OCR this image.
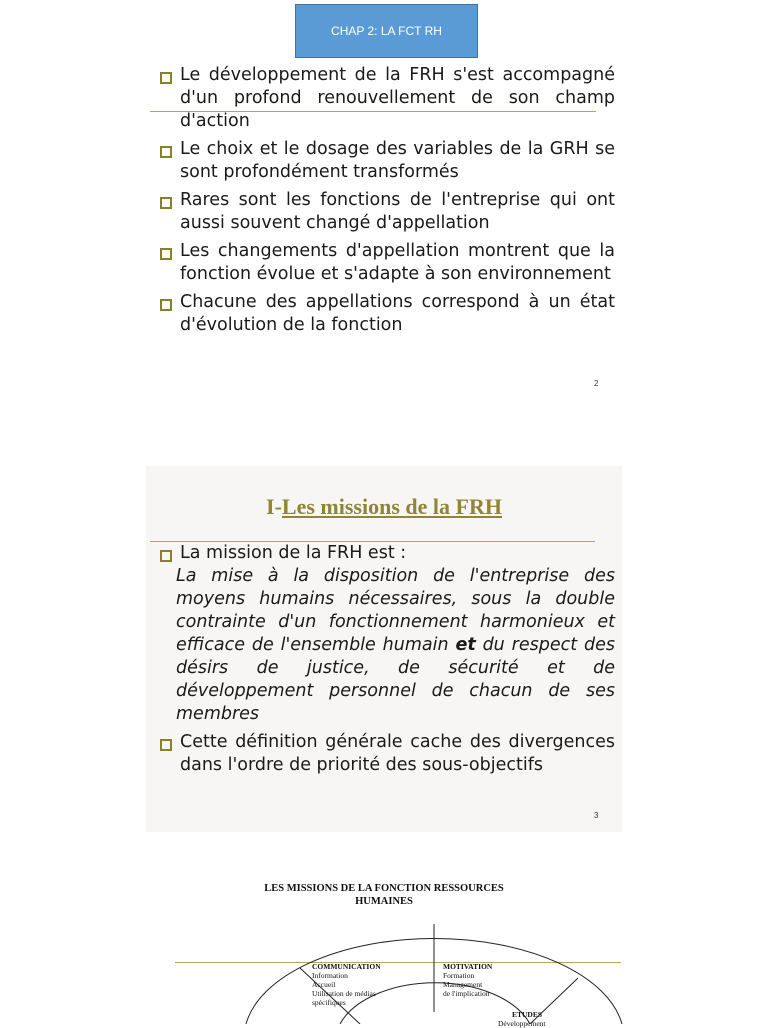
CHAP 2: LA FCT RH
Le développement de la FRH s'est accompagné d'un profond renouvellement de son champ d'action
Le choix et le dosage des variables de la GRH se sont profondément transformés
Rares sont les fonctions de l'entreprise qui ont aussi souvent changé d'appellation
Les changements d'appellation montrent que la fonction évolue et s'adapte à son environnement
Chacune des appellations correspond à un état d'évolution de la fonction
2
I-Les missions de la FRH
La mission de la FRH est :
La mise à la disposition de l'entreprise des moyens humains nécessaires, sous la double contrainte d'un fonctionnement harmonieux et efficace de l'ensemble humain et du respect des désirs de justice, de sécurité et de développement personnel de chacun de ses membres
Cette définition générale cache des divergences dans l'ordre de priorité des sous-objectifs
3
LES MISSIONS DE LA FONCTION RESSOURCES HUMAINES
COMMUNICATION
Information
Accueil
Utilisation de médias
spécifiques
MOTIVATION
Formation
Management
de l'implication
ETUDES
Développement
